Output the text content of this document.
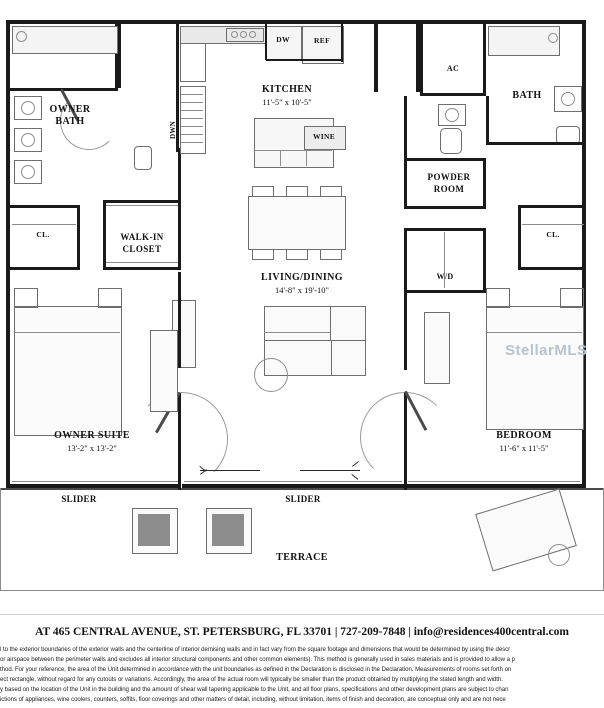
OWNER
BATH
CL.	WALK-IN
CLOSET
DWN
DW	REF
KITCHEN
11'-5" x 10'-5"
WINE
LIVING/DINING
14'-8" x 19'-10"
OWNER SUITE
13'-2" x 13'-2"
AC
BATH
POWDER
ROOM
W/D
CL.
BEDROOM
11'-6" x 11'-5"
SLIDER	SLIDER
TERRACE
StellarMLS
AT 465 CENTRAL AVENUE, ST. PETERSBURG, FL 33701 | 727-209-7848 | info@residences400central.com
l to the exterior boundaries of the exterior walls and the centerline of interior demising walls and in fact vary from the square footage and dimensions that would be determined by using the descr
or airspace between the perimeter walls and excludes all interior structural components and other common elements). This method is generally used in sales materials and is provided to allow a p
thod. For your reference, the area of the Unit determined in accordance with the unit boundaries as defined in the Declaration is disclosed in the Declaration. Measurements of rooms set forth on
ect rectangle, without regard for any cutouts or variations. Accordingly, the area of the actual room will typically be smaller than the product obtained by multiplying the stated length and width.
y based on the location of the Unit in the building and the amount of shear wall tapering applicable to the Unit, and all floor plans, specifications and other development plans are subject to chan
ictions of appliances, wine coolers, counters, soffits, floor coverings and other matters of detail, including, without limitation, items of finish and decoration, are conceptual only and are not nece
